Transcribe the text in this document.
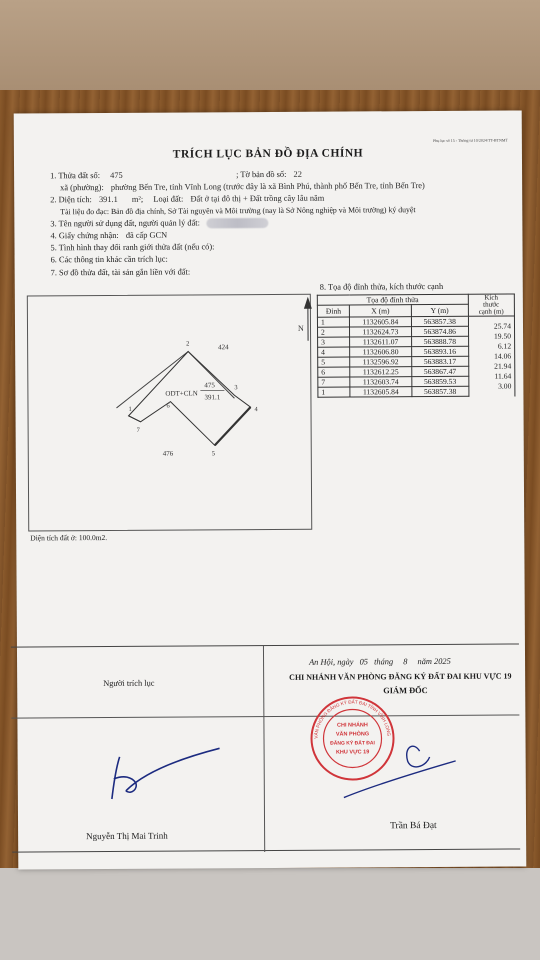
Phụ lục số 15 - Thông tư 10/2024/TT-BTNMT
TRÍCH LỤC BẢN ĐỒ ĐỊA CHÍNH
1. Thửa đất số: 475	; Tờ bản đồ số: 22
xã (phường): phường Bến Tre, tỉnh Vĩnh Long (trước đây là xã Bình Phú, thành phố Bến Tre, tỉnh Bến Tre)
2. Diện tích: 391.1 m²; Loại đất: Đất ở tại đô thị + Đất trồng cây lâu năm
Tài liệu đo đạc: Bản đồ địa chính, Sở Tài nguyên và Môi trường (nay là Sở Nông nghiệp và Môi trường) ký duyệt
3. Tên người sử dụng đất, người quản lý đất:
4. Giấy chứng nhận: đã cấp GCN
5. Tình hình thay đổi ranh giới thửa đất (nếu có):
6. Các thông tin khác cần trích lục:
7. Sơ đồ thửa đất, tài sản gắn liền với đất:
8. Tọa độ đỉnh thửa, kích thước cạnh
N
1
2
3
4
5
6
7
ODT+CLN
475
391.1
424
476
Diện tích đất ở: 100.0m2.
Tọa độ đỉnh thửa			Kích
thước
cạnh (m)
Đỉnh	X (m)	Y (m)	
1	1132605.84	563857.38	25.74
2	1132624.73	563874.86	19.50
3	1132611.07	563888.78	6.12
4	1132606.80	563893.16	14.06
5	1132596.92	563883.17	21.94
6	1132612.25	563867.47	11.64
7	1132603.74	563859.53	3.00
1	1132605.84	563857.38	
Người trích lục
An Hội, ngày 05 tháng 8 năm 2025
CHI NHÁNH VĂN PHÒNG ĐĂNG KÝ ĐẤT ĐAI KHU VỰC 19
GIÁM ĐỐC
Nguyễn Thị Mai Trinh
Trần Bá Đạt
CHI NHÁNH
VĂN PHÒNG
ĐĂNG KÝ ĐẤT ĐAI
KHU VỰC 19
VĂN PHÒNG ĐĂNG KÝ ĐẤT ĐAI TỈNH VĨNH LONG
